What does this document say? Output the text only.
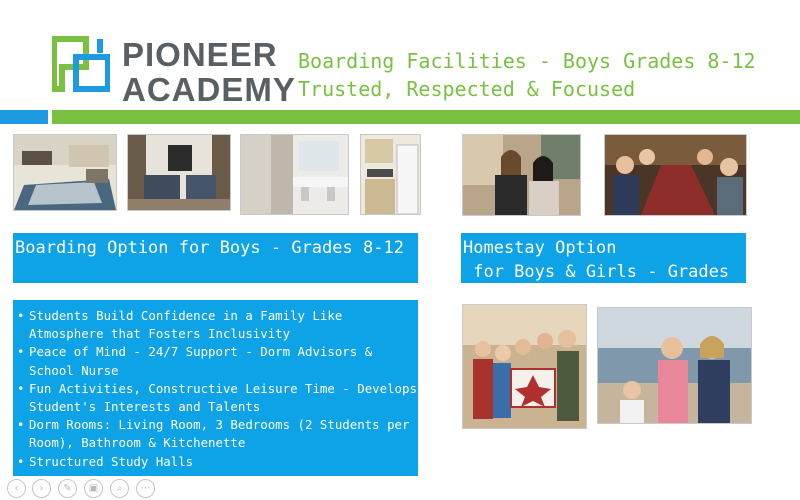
PIONEER
ACADEMY
Boarding Facilities - Boys Grades 8-12
Trusted, Respected & Focused
Boarding Option for Boys - Grades 8-12	Homestay Option
for Boys & Girls - Grades
• Students Build Confidence in a Family Like Atmosphere that Fosters Inclusivity
• Peace of Mind - 24/7 Support - Dorm Advisors & School Nurse
• Fun Activities, Constructive Leisure Time - Develops Student's Interests and Talents
• Dorm Rooms: Living Room, 3 Bedrooms (2 Students per Room), Bathroom & Kitchenette
• Structured Study Halls
‹	›	✎	▣	⌕	⋯
